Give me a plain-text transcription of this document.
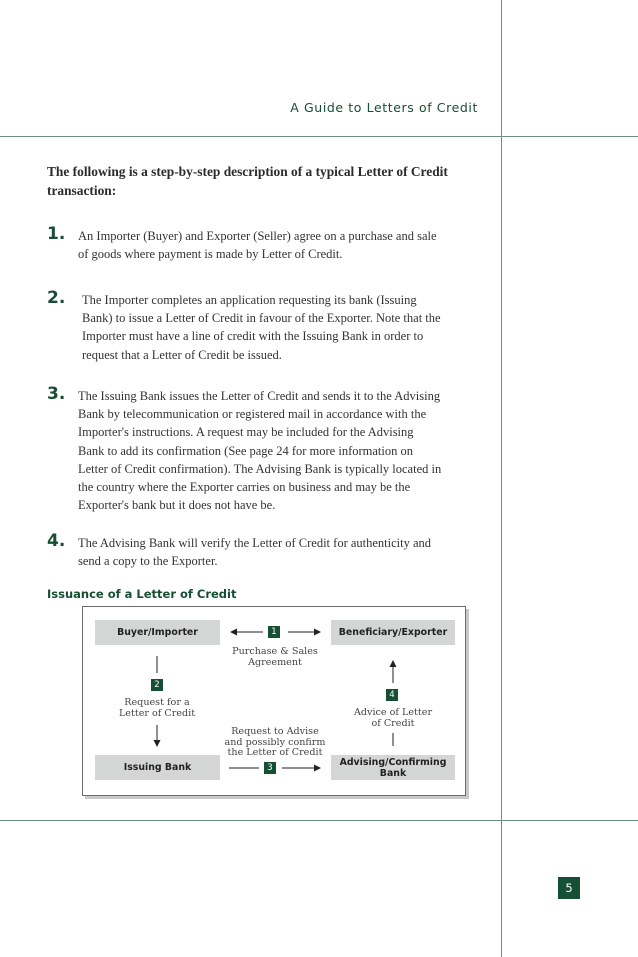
A Guide to Letters of Credit
The following is a step-by-step description of a typical Letter of Credit transaction:
1. An Importer (Buyer) and Exporter (Seller) agree on a purchase and sale
of goods where payment is made by Letter of Credit.
2. The Importer completes an application requesting its bank (Issuing
Bank) to issue a Letter of Credit in favour of the Exporter. Note that the
Importer must have a line of credit with the Issuing Bank in order to
request that a Letter of Credit be issued.
3. The Issuing Bank issues the Letter of Credit and sends it to the Advising
Bank by telecommunication or registered mail in accordance with the
Importer's instructions. A request may be included for the Advising
Bank to add its confirmation (See page 24 for more information on
Letter of Credit confirmation). The Advising Bank is typically located in
the country where the Exporter carries on business and may be the
Exporter's bank but it does not have be.
4. The Advising Bank will verify the Letter of Credit for authenticity and
send a copy to the Exporter.
Issuance of a Letter of Credit
Buyer/Importer	Beneficiary/Exporter
Issuing Bank	Advising/Confirming
Bank
1
2
3
4
Purchase & Sales
Agreement
Request for a
Letter of Credit
Request to Advise
and possibly confirm
the Letter of Credit
Advice of Letter
of Credit
5
